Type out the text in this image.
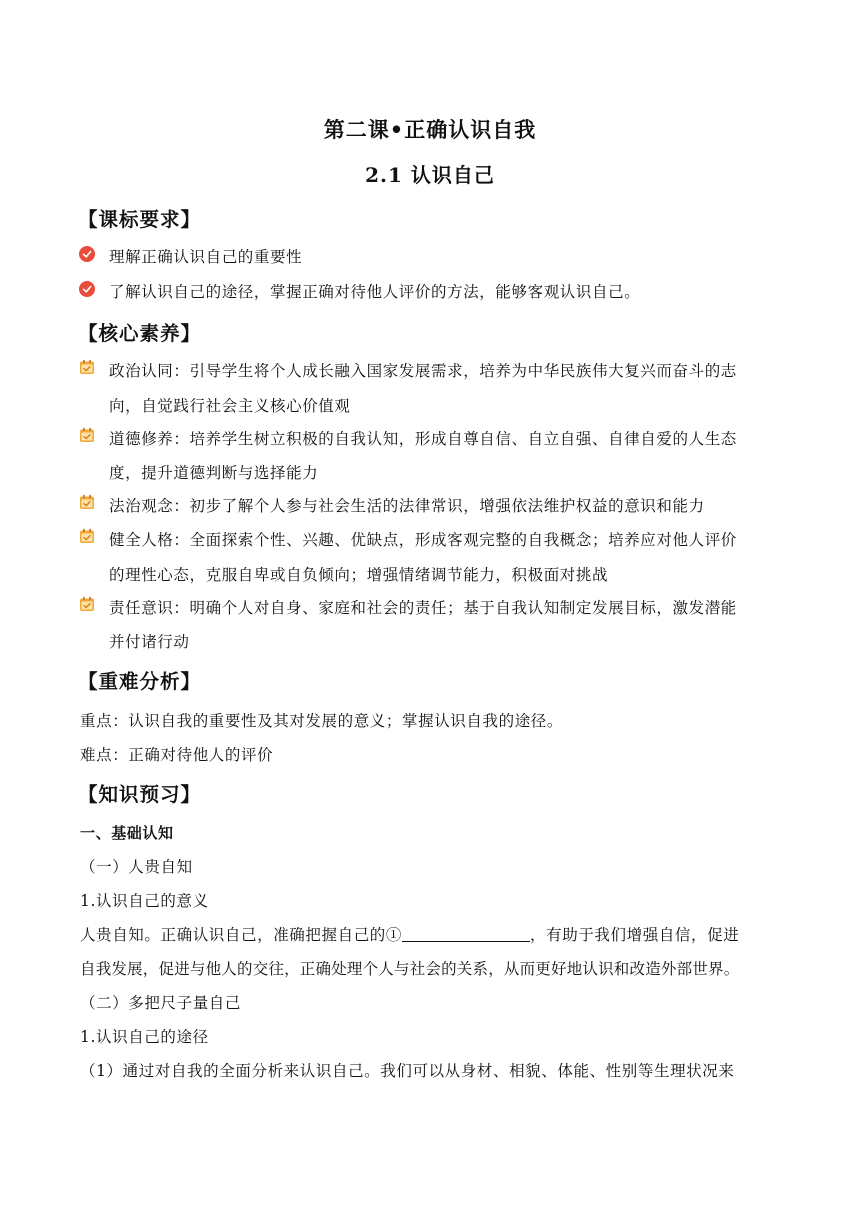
第二课•正确认识自我
2.1 认识自己
【课标要求】
理解正确认识自己的重要性
了解认识自己的途径，掌握正确对待他人评价的方法，能够客观认识自己。
【核心素养】
政治认同：引导学生将个人成长融入国家发展需求，培养为中华民族伟大复兴而奋斗的志
向，自觉践行社会主义核心价值观
道德修养：培养学生树立积极的自我认知，形成自尊自信、自立自强、自律自爱的人生态
度，提升道德判断与选择能力
法治观念：初步了解个人参与社会生活的法律常识，增强依法维护权益的意识和能力
健全人格：全面探索个性、兴趣、优缺点，形成客观完整的自我概念；培养应对他人评价
的理性心态，克服自卑或自负倾向；增强情绪调节能力，积极面对挑战
责任意识：明确个人对自身、家庭和社会的责任；基于自我认知制定发展目标，激发潜能
并付诸行动
【重难分析】
重点：认识自我的重要性及其对发展的意义；掌握认识自我的途径。
难点：正确对待他人的评价
【知识预习】
一、基础认知
（一）人贵自知
1.认识自己的意义
人贵自知。正确认识自己，准确把握自己的①	，有助于我们增强自信，促进
自我发展，促进与他人的交往，正确处理个人与社会的关系，从而更好地认识和改造外部世界。
（二）多把尺子量自己
1.认识自己的途径
（1）通过对自我的全面分析来认识自己。我们可以从身材、相貌、体能、性别等生理状况来
